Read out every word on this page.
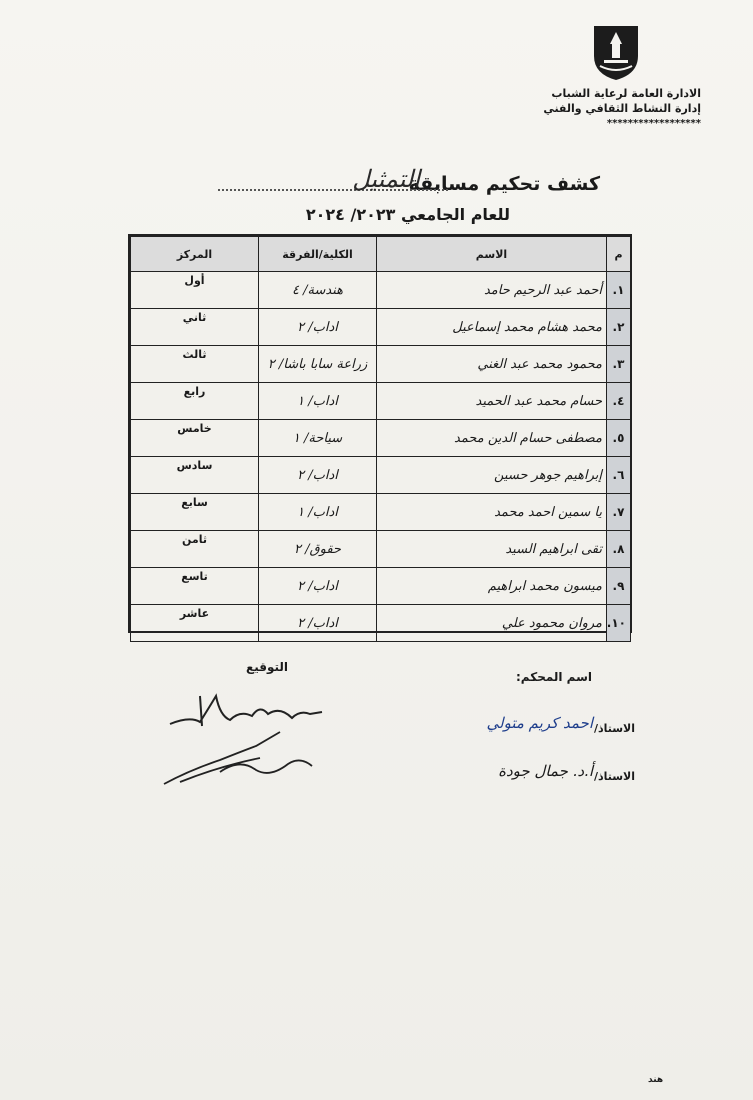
الادارة العامة لرعاية الشباب
إدارة النشاط الثقافي والفني
******************
كشف تحكيم مسابقة
التمثيل
للعام الجامعي ٢٠٢٣/ ٢٠٢٤
م	الاسم	الكلية/الفرقة	المركز
١.	أحمد عبد الرحيم حامد	هندسة/ ٤	أول
٢.	محمد هشام محمد إسماعيل	اداب/ ٢	ثاني
٣.	محمود محمد عبد الغني	زراعة سابا باشا/ ٢	ثالث
٤.	حسام محمد عبد الحميد	اداب/ ١	رابع
٥.	مصطفى حسام الدين محمد	سياحة/ ١	خامس
٦.	إبراهيم جوهر حسين	اداب/ ٢	سادس
٧.	يا سمين احمد محمد	اداب/ ١	سابع
٨.	تقى ابراهيم السيد	حقوق/ ٢	ثامن
٩.	ميسون محمد ابراهيم	اداب/ ٢	تاسع
١٠.	مروان محمود علي	اداب/ ٢	عاشر
اسم المحكم:
التوقيع
الاستاذ/
احمد كريم متولي
الاستاذ/
أ.د. جمال جودة
هند
